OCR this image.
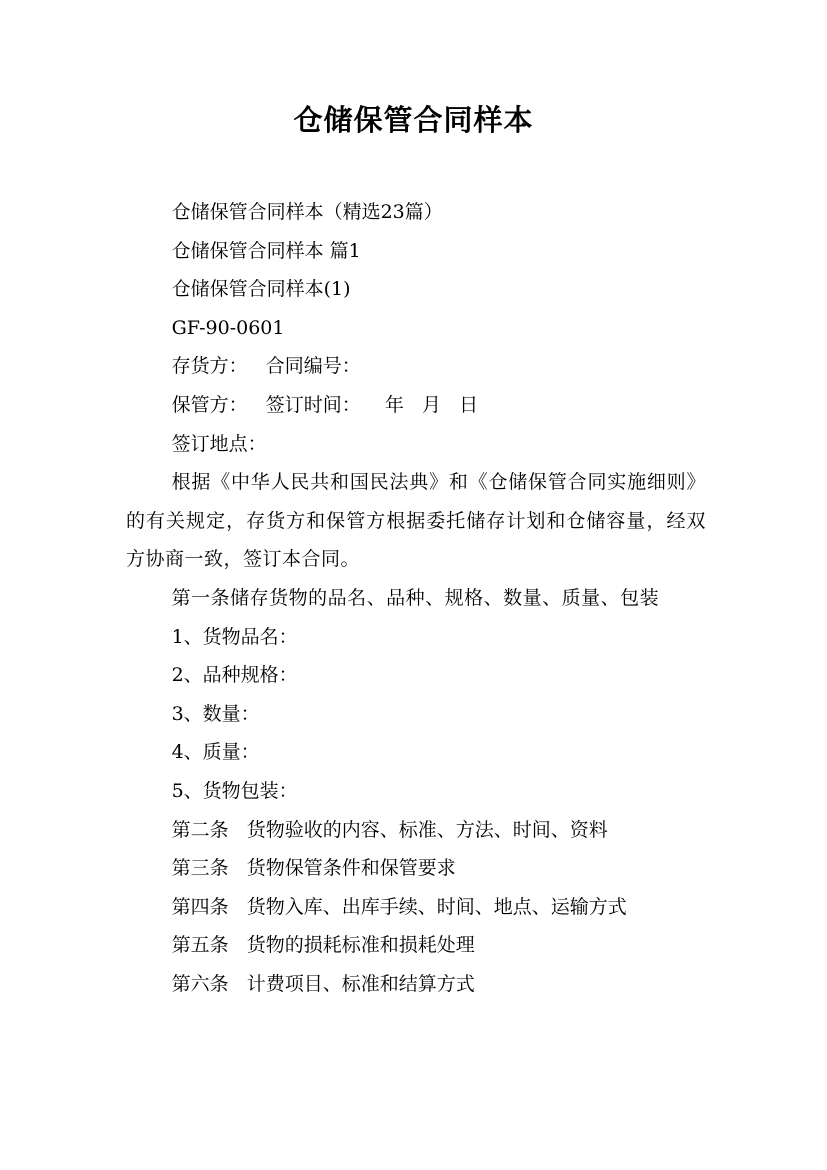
仓储保管合同样本

仓储保管合同样本（精选23篇）

仓储保管合同样本 篇1

仓储保管合同样本(1)

GF-90-0601

存货方：   合同编号：

保管方：   签订时间：    年   月   日

签订地点：

根据《中华人民共和国民法典》和《仓储保管合同实施细则》的有关规定，存货方和保管方根据委托储存计划和仓储容量，经双方协商一致，签订本合同。

第一条储存货物的品名、品种、规格、数量、质量、包装

1、货物品名：

2、品种规格：

3、数量：

4、质量：

5、货物包装：

第二条   货物验收的内容、标准、方法、时间、资料

第三条   货物保管条件和保管要求

第四条   货物入库、出库手续、时间、地点、运输方式

第五条   货物的损耗标准和损耗处理

第六条   计费项目、标准和结算方式
